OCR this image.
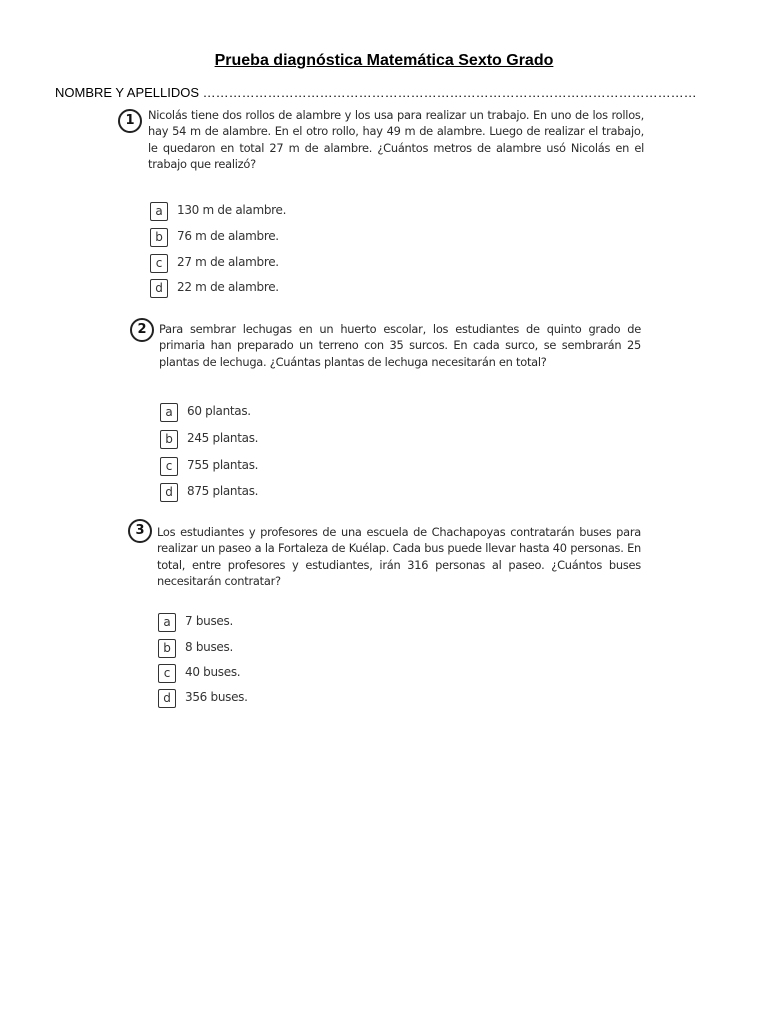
Prueba diagnóstica Matemática Sexto Grado
NOMBRE Y APELLIDOS ……………………………………………………………………………………………………
1	Nicolás tiene dos rollos de alambre y los usa para realizar un trabajo. En uno de los rollos, hay 54 m de alambre. En el otro rollo, hay 49 m de alambre. Luego de realizar el trabajo, le quedaron en total 27 m de alambre. ¿Cuántos metros de alambre usó Nicolás en el trabajo que realizó?
a	130 m de alambre.
b	76 m de alambre.
c	27 m de alambre.
d	22 m de alambre.
2	Para sembrar lechugas en un huerto escolar, los estudiantes de quinto grado de primaria han preparado un terreno con 35 surcos. En cada surco, se sembrarán 25 plantas de lechuga. ¿Cuántas plantas de lechuga necesitarán en total?
a	60 plantas.
b	245 plantas.
c	755 plantas.
d	875 plantas.
3	Los estudiantes y profesores de una escuela de Chachapoyas contratarán buses para realizar un paseo a la Fortaleza de Kuélap. Cada bus puede llevar hasta 40 personas. En total, entre profesores y estudiantes, irán 316 personas al paseo. ¿Cuántos buses necesitarán contratar?
a	7 buses.
b	8 buses.
c	40 buses.
d	356 buses.
